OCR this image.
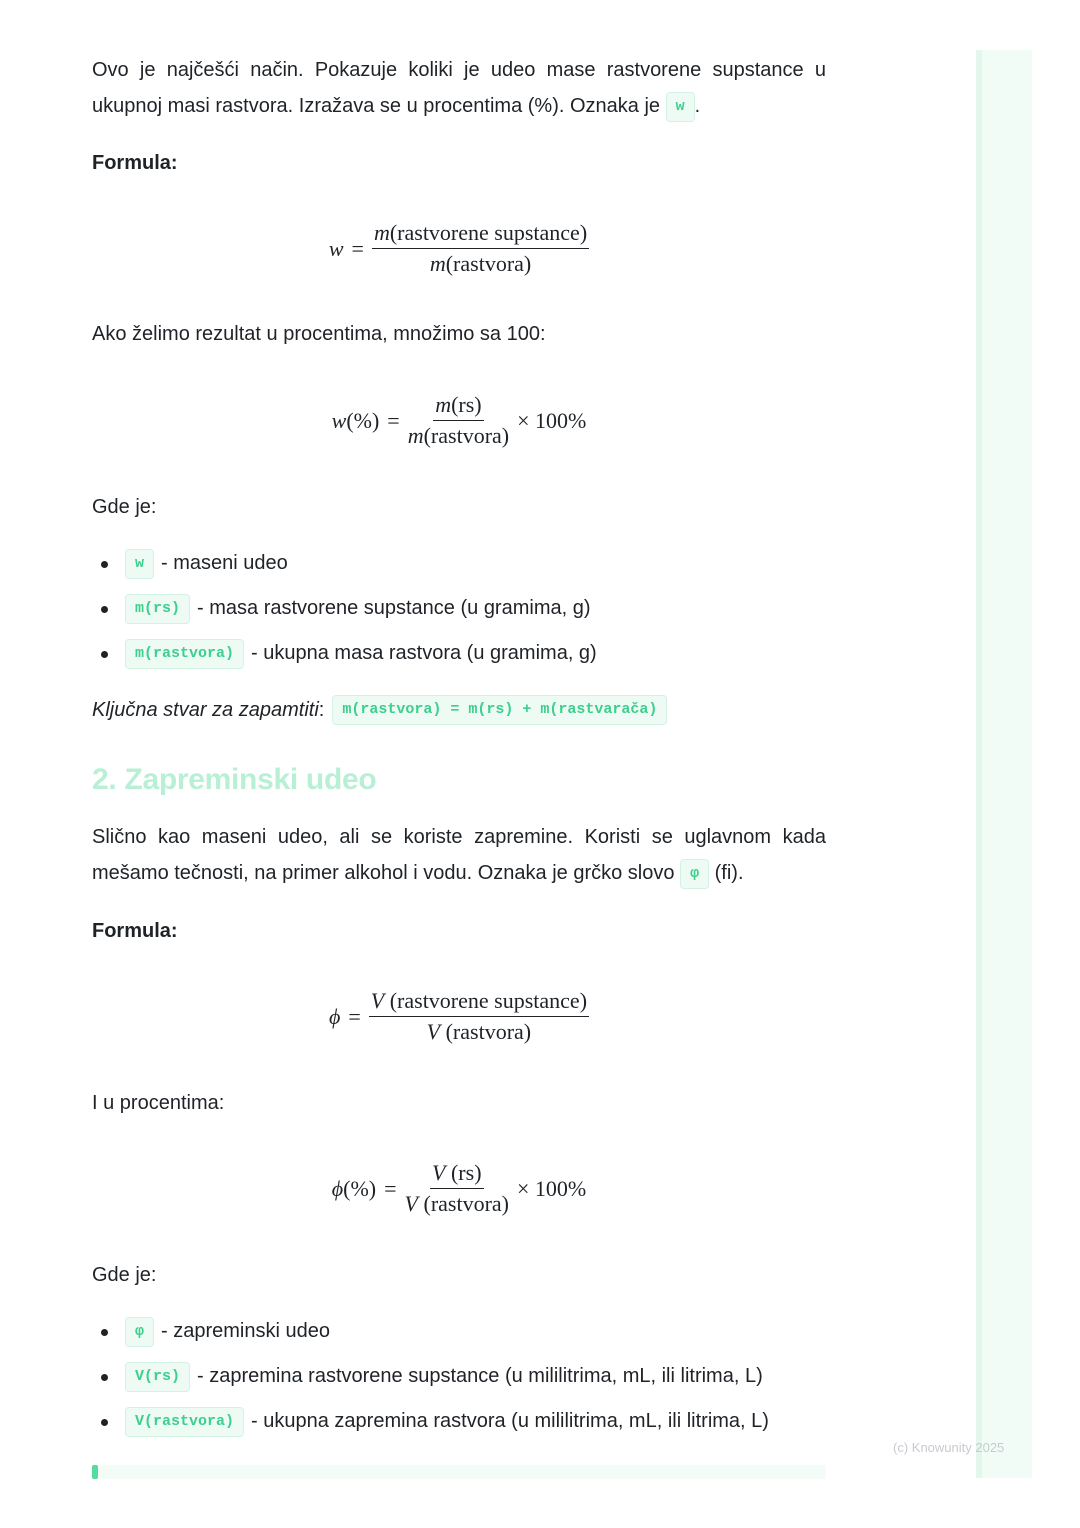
Ovo je najčešći način. Pokazuje koliki je udeo mase rastvorene supstance u ukupnoj masi rastvora. Izražava se u procentima (%). Oznaka je w .

Formula:
$w = \frac{\text{m(rastvorene supstance)}}{\text{m(rastvora)}}$

Ako želimo rezultat u procentima, množimo sa 100:

$w(\%) = \frac{m(rs)}{\text{m(rastvora)}} \times 100\%$

Gde je:

w - maseni udeo
m(rs) - masa rastvorene supstance (u gramima, g)
m(rastvora) - ukupna masa rastvora (u gramima, g)
Ključna stvar za zapamtiti :	m(rastvora) = m(rs) + m(rastvarača)
2. Zapreminski udeo

Slično kao maseni udeo, ali se koriste zapremine. Koristi se uglavnom kada mešamo tečnosti, na primer alkohol i vodu. Oznaka je grčko slovo φ (fi).

Formula:
$\phi = \frac{\text{V (rastvorene supstance)}}{\text{V (rastvora)}}$

I u procentima:

$\phi(\%) = \frac{V (rs)}{\text{V (rastvora)}} \times 100\%$

Gde je:

φ - zapreminski udeo
V(rs) - zapremina rastvorene supstance (u mililitrima, mL, ili litrima, L)
V(rastvora) - ukupna zapremina rastvora (u mililitrima, mL, ili litrima, L)
(c) Knowunity 2025
